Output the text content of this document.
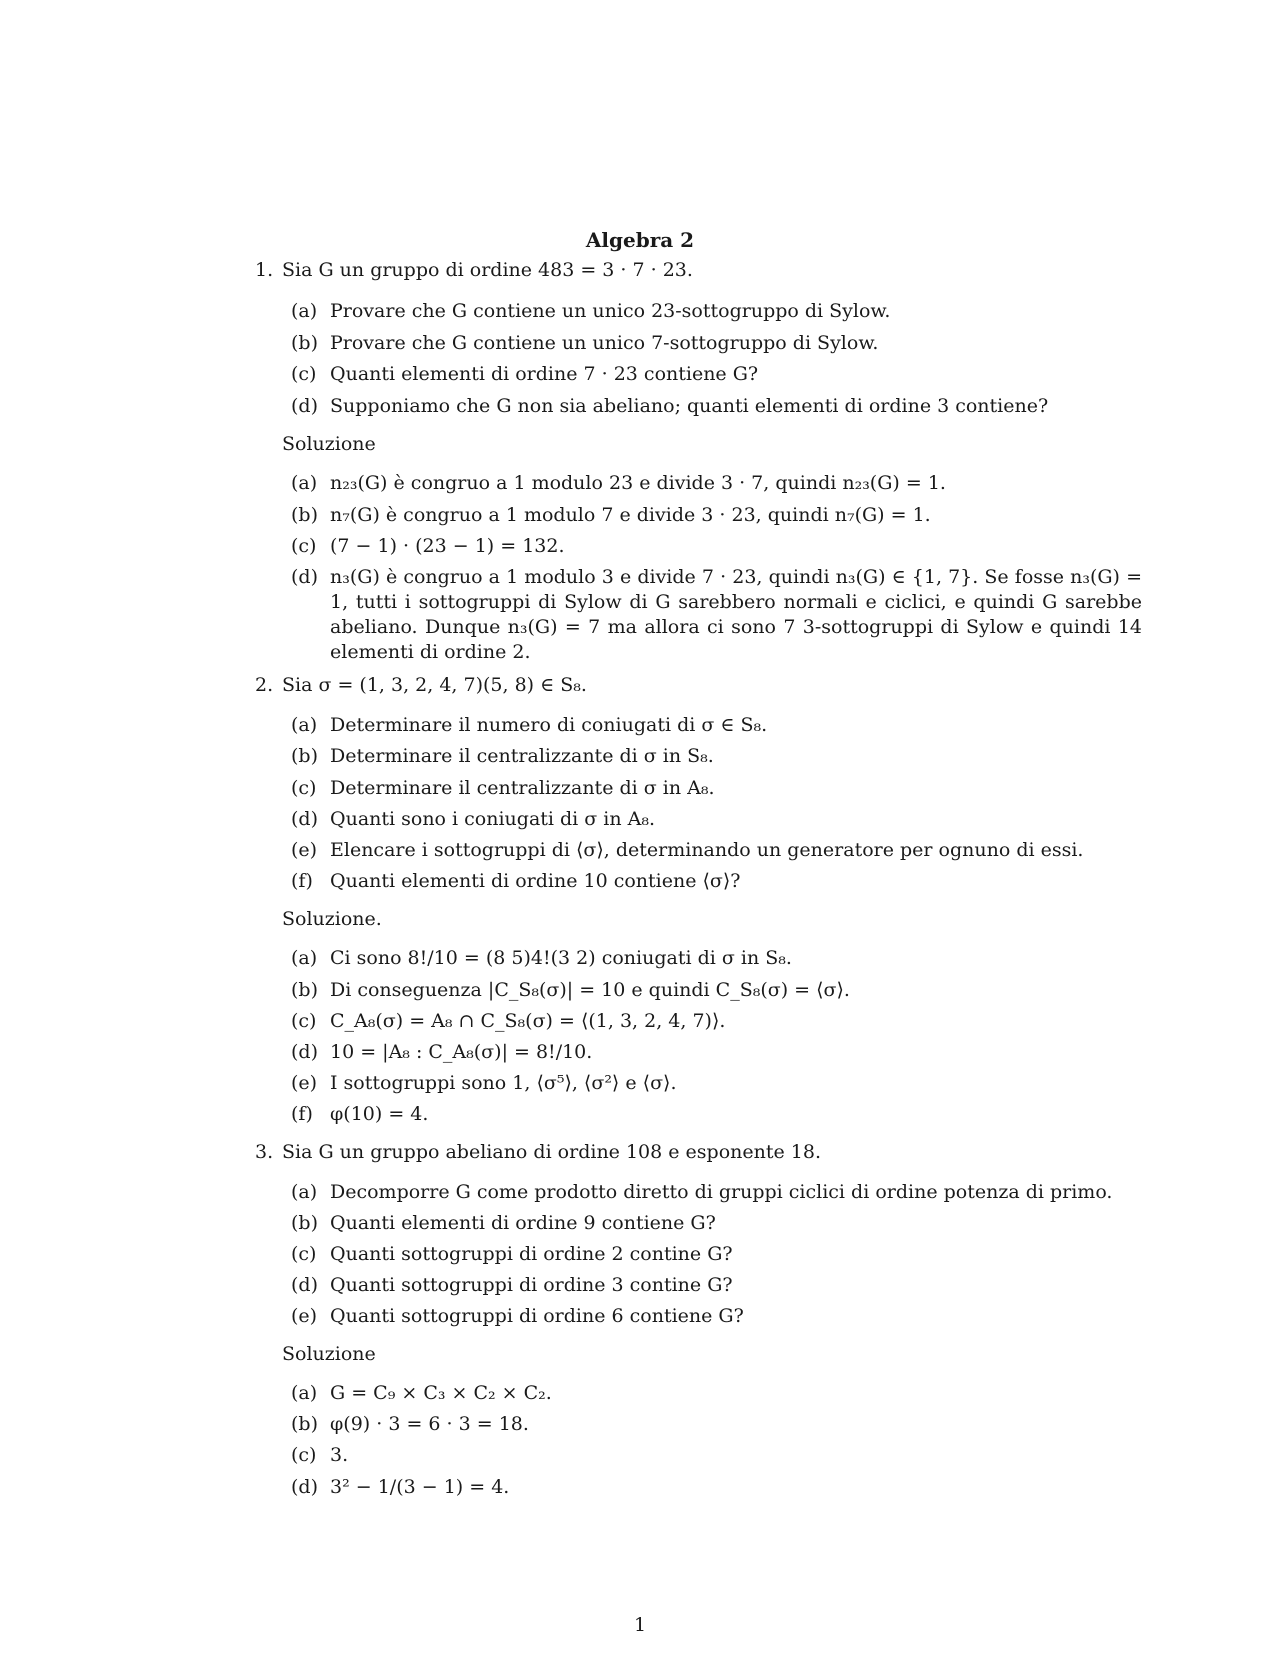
Algebra 2
1. Sia G un gruppo di ordine 483 = 3 · 7 · 23.
(a) Provare che G contiene un unico 23-sottogruppo di Sylow.
(b) Provare che G contiene un unico 7-sottogruppo di Sylow.
(c) Quanti elementi di ordine 7 · 23 contiene G?
(d) Supponiamo che G non sia abeliano; quanti elementi di ordine 3 contiene?
Soluzione
(a) n₂₃(G) è congruo a 1 modulo 23 e divide 3 · 7, quindi n₂₃(G) = 1.
(b) n₇(G) è congruo a 1 modulo 7 e divide 3 · 23, quindi n₇(G) = 1.
(c) (7 − 1) · (23 − 1) = 132.
(d) n₃(G) è congruo a 1 modulo 3 e divide 7 · 23, quindi n₃(G) ∈ {1, 7}. Se fosse n₃(G) = 1, tutti i sottogruppi di Sylow di G sarebbero normali e ciclici, e quindi G sarebbe abeliano. Dunque n₃(G) = 7 ma allora ci sono 7 3-sottogruppi di Sylow e quindi 14 elementi di ordine 2.
2. Sia σ = (1, 3, 2, 4, 7)(5, 8) ∈ S₈.
(a) Determinare il numero di coniugati di σ ∈ S₈.
(b) Determinare il centralizzante di σ in S₈.
(c) Determinare il centralizzante di σ in A₈.
(d) Quanti sono i coniugati di σ in A₈.
(e) Elencare i sottogruppi di ⟨σ⟩, determinando un generatore per ognuno di essi.
(f) Quanti elementi di ordine 10 contiene ⟨σ⟩?
Soluzione.
(a) Ci sono 8!/10 = (8 5)4!(3 2) coniugati di σ in S₈.
(b) Di conseguenza |C_S₈(σ)| = 10 e quindi C_S₈(σ) = ⟨σ⟩.
(c) C_A₈(σ) = A₈ ∩ C_S₈(σ) = ⟨(1, 3, 2, 4, 7)⟩.
(d) 10 = |A₈ : C_A₈(σ)| = 8!/10.
(e) I sottogruppi sono 1, ⟨σ⁵⟩, ⟨σ²⟩ e ⟨σ⟩.
(f) φ(10) = 4.
3. Sia G un gruppo abeliano di ordine 108 e esponente 18.
(a) Decomporre G come prodotto diretto di gruppi ciclici di ordine potenza di primo.
(b) Quanti elementi di ordine 9 contiene G?
(c) Quanti sottogruppi di ordine 2 contine G?
(d) Quanti sottogruppi di ordine 3 contine G?
(e) Quanti sottogruppi di ordine 6 contiene G?
Soluzione
(a) G = C₉ × C₃ × C₂ × C₂.
(b) φ(9) · 3 = 6 · 3 = 18.
(c) 3.
(d) 3² − 1/(3 − 1) = 4.
1
